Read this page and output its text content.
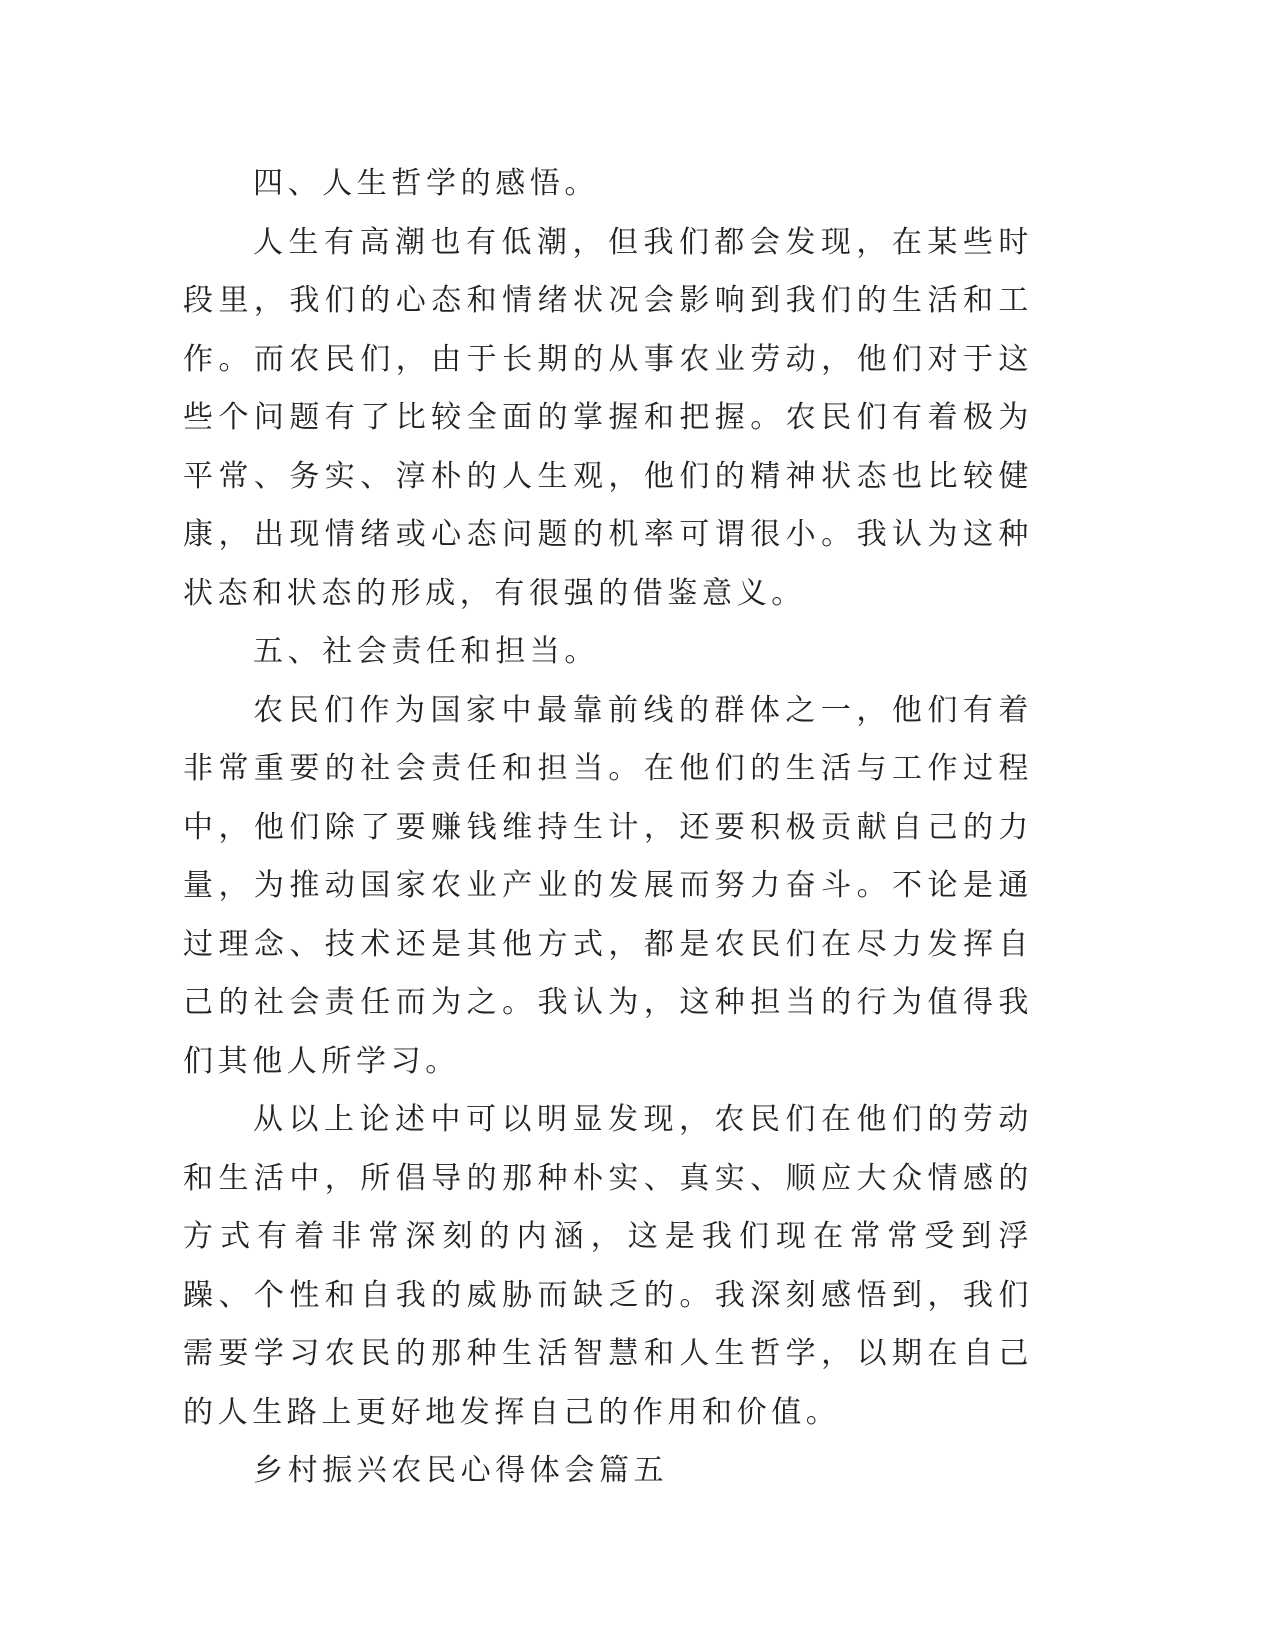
四、人生哲学的感悟。

人生有高潮也有低潮，但我们都会发现，在某些时段里，我们的心态和情绪状况会影响到我们的生活和工作。而农民们，由于长期的从事农业劳动，他们对于这些个问题有了比较全面的掌握和把握。农民们有着极为平常、务实、淳朴的人生观，他们的精神状态也比较健康，出现情绪或心态问题的机率可谓很小。我认为这种状态和状态的形成，有很强的借鉴意义。

五、社会责任和担当。

农民们作为国家中最靠前线的群体之一，他们有着非常重要的社会责任和担当。在他们的生活与工作过程中，他们除了要赚钱维持生计，还要积极贡献自己的力量，为推动国家农业产业的发展而努力奋斗。不论是通过理念、技术还是其他方式，都是农民们在尽力发挥自己的社会责任而为之。我认为，这种担当的行为值得我们其他人所学习。

从以上论述中可以明显发现，农民们在他们的劳动和生活中，所倡导的那种朴实、真实、顺应大众情感的方式有着非常深刻的内涵，这是我们现在常常受到浮躁、个性和自我的威胁而缺乏的。我深刻感悟到，我们需要学习农民的那种生活智慧和人生哲学，以期在自己的人生路上更好地发挥自己的作用和价值。

乡村振兴农民心得体会篇五
